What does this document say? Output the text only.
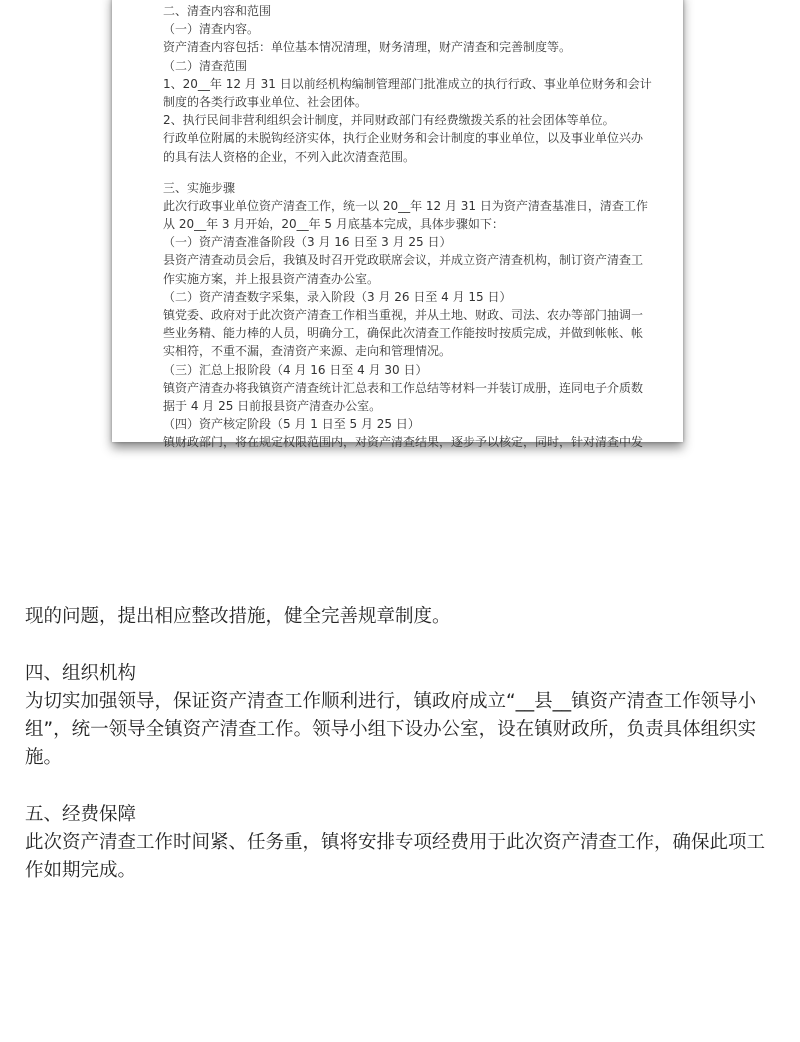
二、清查内容和范围
（一）清查内容。
资产清查内容包括：单位基本情况清理，财务清理，财产清查和完善制度等。
（二）清查范围
1、20__年 12 月 31 日以前经机构编制管理部门批准成立的执行行政、事业单位财务和会计
制度的各类行政事业单位、社会团体。
2、执行民间非营利组织会计制度，并同财政部门有经费缴拨关系的社会团体等单位。
行政单位附属的未脱钩经济实体，执行企业财务和会计制度的事业单位，以及事业单位兴办
的具有法人资格的企业，不列入此次清查范围。
三、实施步骤
此次行政事业单位资产清查工作，统一以 20__年 12 月 31 日为资产清查基准日，清查工作
从 20__年 3 月开始，20__年 5 月底基本完成，具体步骤如下：
（一）资产清查准备阶段（3 月 16 日至 3 月 25 日）
县资产清查动员会后，我镇及时召开党政联席会议，并成立资产清查机构，制订资产清查工
作实施方案，并上报县资产清查办公室。
（二）资产清查数字采集，录入阶段（3 月 26 日至 4 月 15 日）
镇党委、政府对于此次资产清查工作相当重视，并从土地、财政、司法、农办等部门抽调一
些业务精、能力棒的人员，明确分工，确保此次清查工作能按时按质完成，并做到帐帐、帐
实相符，不重不漏，查清资产来源、走向和管理情况。
（三）汇总上报阶段（4 月 16 日至 4 月 30 日）
镇资产清查办将我镇资产清查统计汇总表和工作总结等材料一并装订成册，连同电子介质数
据于 4 月 25 日前报县资产清查办公室。
（四）资产核定阶段（5 月 1 日至 5 月 25 日）
镇财政部门，将在规定权限范围内，对资产清查结果，逐步予以核定，同时，针对清查中发
现的问题，提出相应整改措施，健全完善规章制度。
四、组织机构
为切实加强领导，保证资产清查工作顺利进行，镇政府成立“__县__镇资产清查工作领导小
组”，统一领导全镇资产清查工作。领导小组下设办公室，设在镇财政所，负责具体组织实
施。
五、经费保障
此次资产清查工作时间紧、任务重，镇将安排专项经费用于此次资产清查工作，确保此项工
作如期完成。
